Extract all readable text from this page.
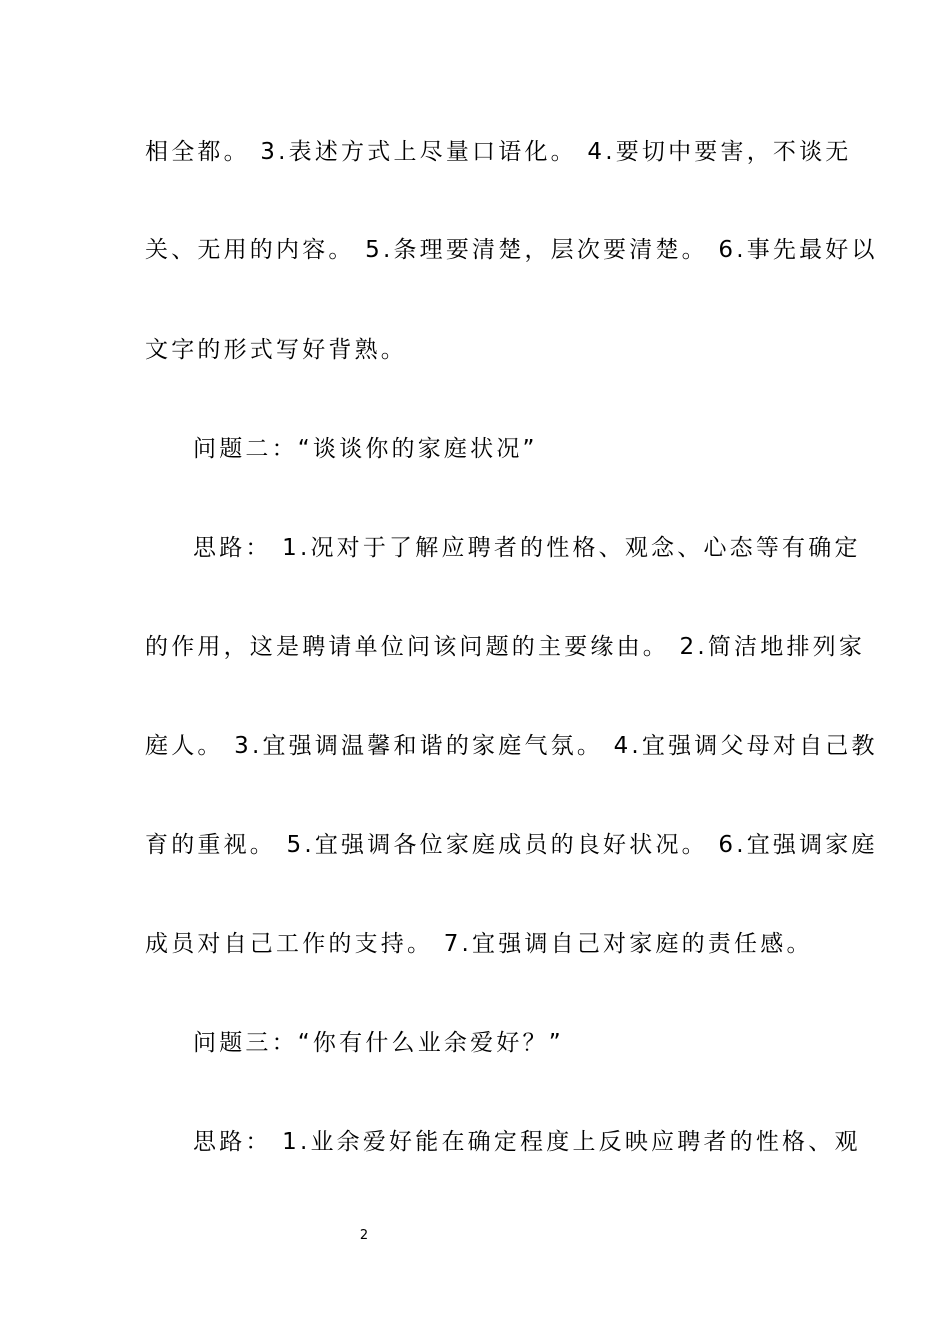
相全都。 3.表述方式上尽量口语化。 4.要切中要害，不谈无
关、无用的内容。 5.条理要清楚，层次要清楚。 6.事先最好以
文字的形式写好背熟。
问题二：“谈谈你的家庭状况”
思路： 1.况对于了解应聘者的性格、观念、心态等有确定
的作用，这是聘请单位问该问题的主要缘由。 2.简洁地排列家
庭人。 3.宜强调温馨和谐的家庭气氛。 4.宜强调父母对自己教
育的重视。 5.宜强调各位家庭成员的良好状况。 6.宜强调家庭
成员对自己工作的支持。 7.宜强调自己对家庭的责任感。
问题三：“你有什么业余爱好？”
思路： 1.业余爱好能在确定程度上反映应聘者的性格、观
2
